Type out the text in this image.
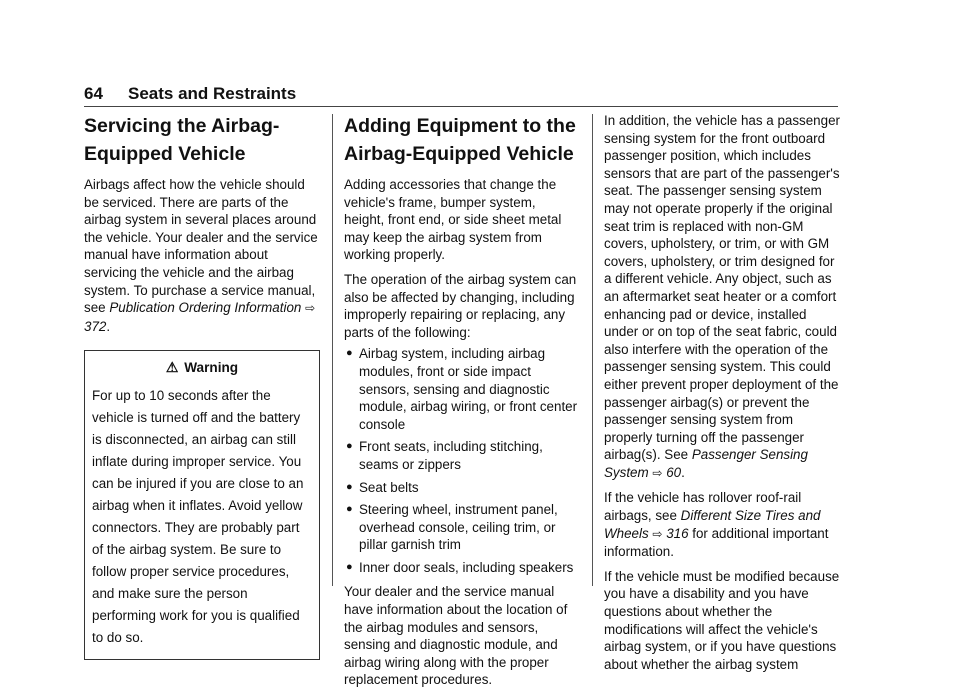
64 Seats and Restraints
Servicing the Airbag-Equipped Vehicle

Airbags affect how the vehicle should be serviced. There are parts of the airbag system in several places around the vehicle. Your dealer and the service manual have information about servicing the vehicle and the airbag system. To purchase a service manual, see Publication Ordering Information ⇨ 372.

⚠ Warning

For up to 10 seconds after the vehicle is turned off and the battery is disconnected, an airbag can still inflate during improper service. You can be injured if you are close to an airbag when it inflates. Avoid yellow connectors. They are probably part of the airbag system. Be sure to follow proper service procedures, and make sure the person performing work for you is qualified to do so.

Adding Equipment to the Airbag-Equipped Vehicle

Adding accessories that change the vehicle's frame, bumper system, height, front end, or side sheet metal may keep the airbag system from working properly.

The operation of the airbag system can also be affected by changing, including improperly repairing or replacing, any parts of the following:

● Airbag system, including airbag modules, front or side impact sensors, sensing and diagnostic module, airbag wiring, or front center console
● Front seats, including stitching, seams or zippers
● Seat belts
● Steering wheel, instrument panel, overhead console, ceiling trim, or pillar garnish trim
● Inner door seals, including speakers

Your dealer and the service manual have information about the location of the airbag modules and sensors, sensing and diagnostic module, and airbag wiring along with the proper replacement procedures.

In addition, the vehicle has a passenger sensing system for the front outboard passenger position, which includes sensors that are part of the passenger's seat. The passenger sensing system may not operate properly if the original seat trim is replaced with non-GM covers, upholstery, or trim, or with GM covers, upholstery, or trim designed for a different vehicle. Any object, such as an aftermarket seat heater or a comfort enhancing pad or device, installed under or on top of the seat fabric, could also interfere with the operation of the passenger sensing system. This could either prevent proper deployment of the passenger airbag(s) or prevent the passenger sensing system from properly turning off the passenger airbag(s). See Passenger Sensing System ⇨ 60.

If the vehicle has rollover roof-rail airbags, see Different Size Tires and Wheels ⇨ 316 for additional important information.

If the vehicle must be modified because you have a disability and you have questions about whether the modifications will affect the vehicle's airbag system, or if you have questions about whether the airbag system
